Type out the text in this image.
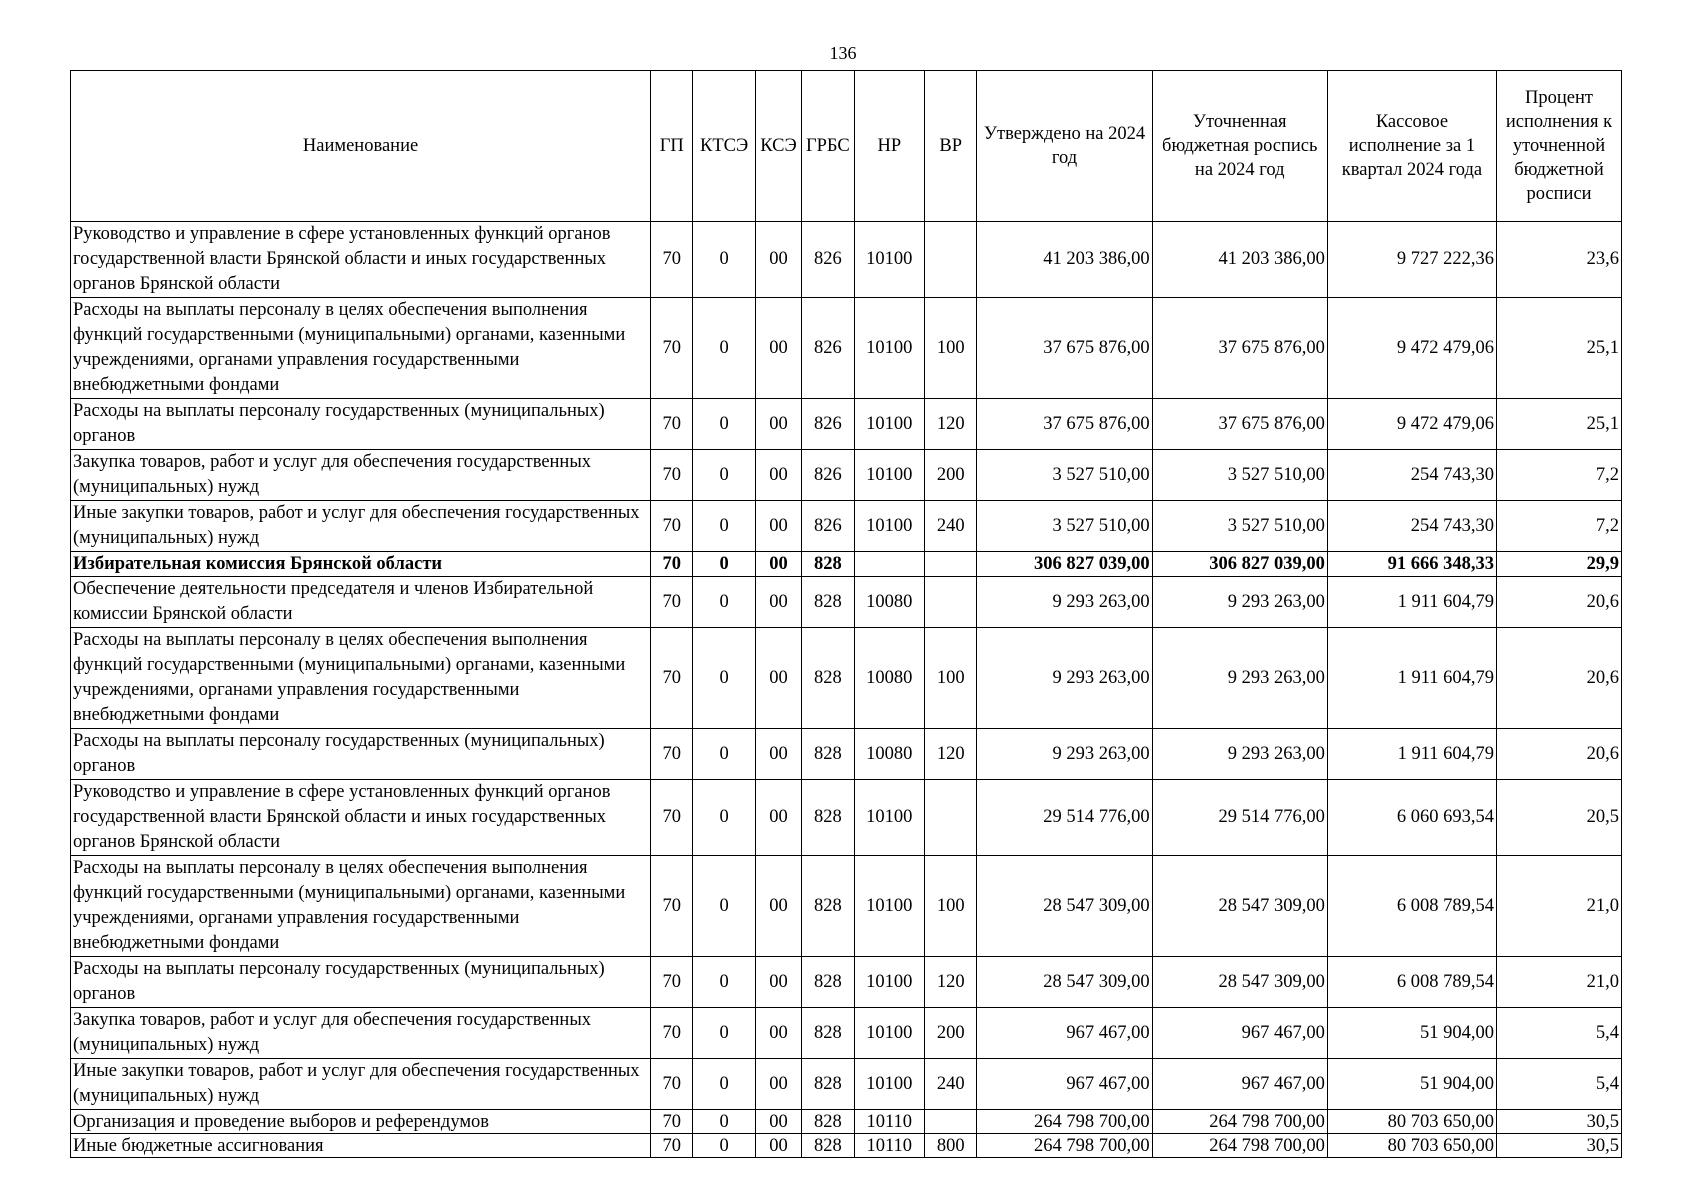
136
Наименование	ГП	КТСЭ	КСЭ	ГРБС	НР	ВР	Утверждено на 2024 год	Уточненная бюджетная роспись на 2024 год	Кассовое исполнение за 1 квартал 2024 года	Процент исполнения к уточненной бюджетной росписи
Руководство и управление в сфере установленных функций органов государственной власти Брянской области и иных государственных органов Брянской области	70	0	00	826	10100		41 203 386,00	41 203 386,00	9 727 222,36	23,6
Расходы на выплаты персоналу в целях обеспечения выполнения функций государственными (муниципальными) органами, казенными учреждениями, органами управления государственными внебюджетными фондами	70	0	00	826	10100	100	37 675 876,00	37 675 876,00	9 472 479,06	25,1
Расходы на выплаты персоналу государственных (муниципальных) органов	70	0	00	826	10100	120	37 675 876,00	37 675 876,00	9 472 479,06	25,1
Закупка товаров, работ и услуг для обеспечения государственных (муниципальных) нужд	70	0	00	826	10100	200	3 527 510,00	3 527 510,00	254 743,30	7,2
Иные закупки товаров, работ и услуг для обеспечения государственных (муниципальных) нужд	70	0	00	826	10100	240	3 527 510,00	3 527 510,00	254 743,30	7,2
Избирательная комиссия Брянской области	70	0	00	828			306 827 039,00	306 827 039,00	91 666 348,33	29,9
Обеспечение деятельности председателя и членов Избирательной комиссии Брянской области	70	0	00	828	10080		9 293 263,00	9 293 263,00	1 911 604,79	20,6
Расходы на выплаты персоналу в целях обеспечения выполнения функций государственными (муниципальными) органами, казенными учреждениями, органами управления государственными внебюджетными фондами	70	0	00	828	10080	100	9 293 263,00	9 293 263,00	1 911 604,79	20,6
Расходы на выплаты персоналу государственных (муниципальных) органов	70	0	00	828	10080	120	9 293 263,00	9 293 263,00	1 911 604,79	20,6
Руководство и управление в сфере установленных функций органов государственной власти Брянской области и иных государственных органов Брянской области	70	0	00	828	10100		29 514 776,00	29 514 776,00	6 060 693,54	20,5
Расходы на выплаты персоналу в целях обеспечения выполнения функций государственными (муниципальными) органами, казенными учреждениями, органами управления государственными внебюджетными фондами	70	0	00	828	10100	100	28 547 309,00	28 547 309,00	6 008 789,54	21,0
Расходы на выплаты персоналу государственных (муниципальных) органов	70	0	00	828	10100	120	28 547 309,00	28 547 309,00	6 008 789,54	21,0
Закупка товаров, работ и услуг для обеспечения государственных (муниципальных) нужд	70	0	00	828	10100	200	967 467,00	967 467,00	51 904,00	5,4
Иные закупки товаров, работ и услуг для обеспечения государственных (муниципальных) нужд	70	0	00	828	10100	240	967 467,00	967 467,00	51 904,00	5,4
Организация и проведение выборов и референдумов	70	0	00	828	10110		264 798 700,00	264 798 700,00	80 703 650,00	30,5
Иные бюджетные ассигнования	70	0	00	828	10110	800	264 798 700,00	264 798 700,00	80 703 650,00	30,5
